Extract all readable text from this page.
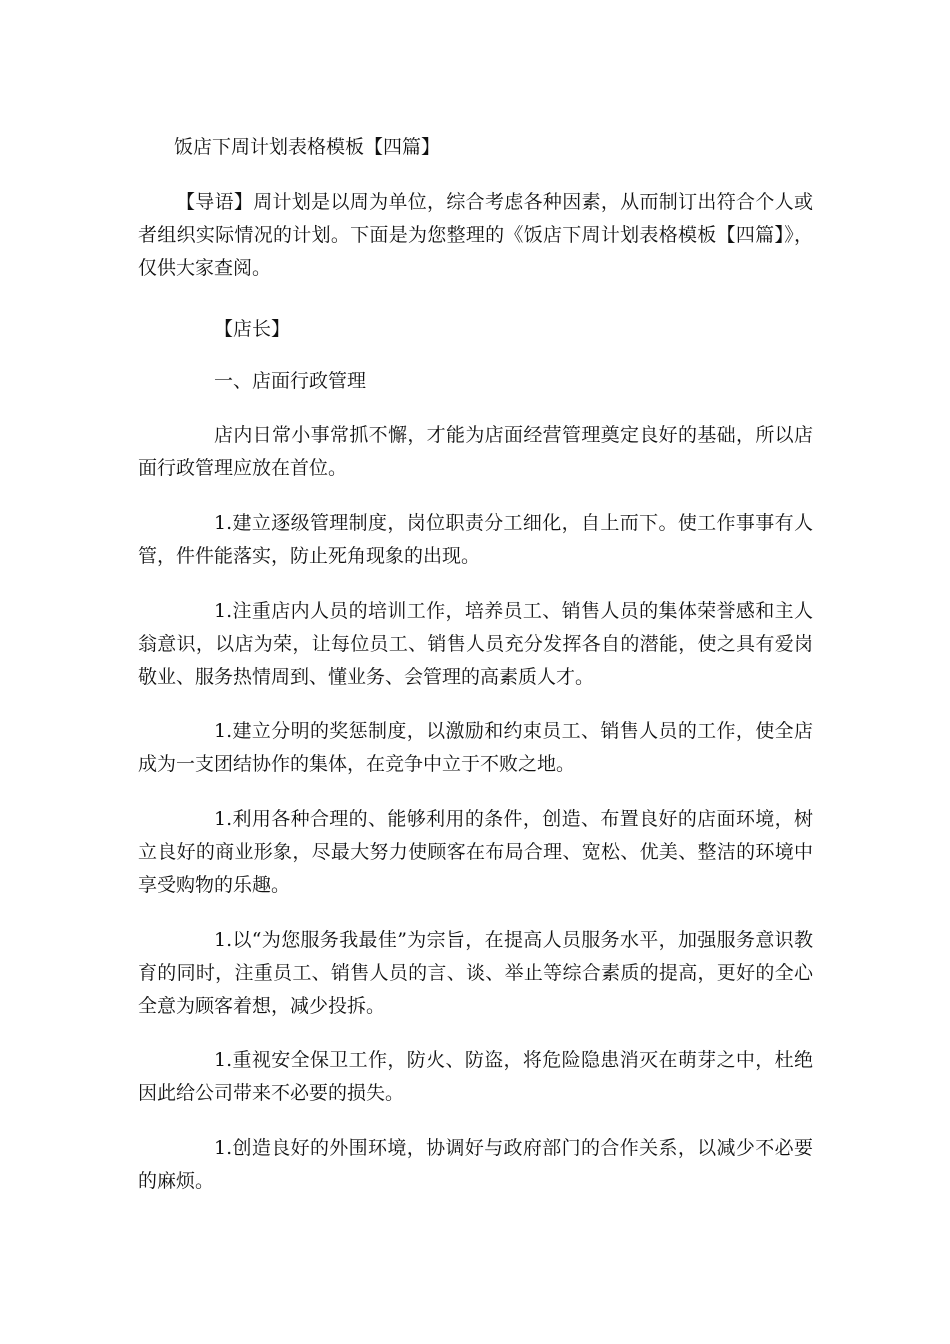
饭店下周计划表格模板【四篇】

【导语】周计划是以周为单位，综合考虑各种因素，从而制订出符合个人或者组织实际情况的计划。下面是为您整理的《饭店下周计划表格模板【四篇】》，仅供大家查阅。

【店长】

一、店面行政管理

店内日常小事常抓不懈，才能为店面经营管理奠定良好的基础，所以店面行政管理应放在首位。

1.建立逐级管理制度，岗位职责分工细化，自上而下。使工作事事有人管，件件能落实，防止死角现象的出现。

1.注重店内人员的培训工作，培养员工、销售人员的集体荣誉感和主人翁意识，以店为荣，让每位员工、销售人员充分发挥各自的潜能，使之具有爱岗敬业、服务热情周到、懂业务、会管理的高素质人才。

1.建立分明的奖惩制度，以激励和约束员工、销售人员的工作，使全店成为一支团结协作的集体，在竞争中立于不败之地。

1.利用各种合理的、能够利用的条件，创造、布置良好的店面环境，树立良好的商业形象，尽最大努力使顾客在布局合理、宽松、优美、整洁的环境中享受购物的乐趣。

1.以“为您服务我最佳”为宗旨，在提高人员服务水平，加强服务意识教育的同时，注重员工、销售人员的言、谈、举止等综合素质的提高，更好的全心全意为顾客着想，减少投拆。

1.重视安全保卫工作，防火、防盗，将危险隐患消灭在萌芽之中，杜绝因此给公司带来不必要的损失。

1.创造良好的外围环境，协调好与政府部门的合作关系，以减少不必要的麻烦。
